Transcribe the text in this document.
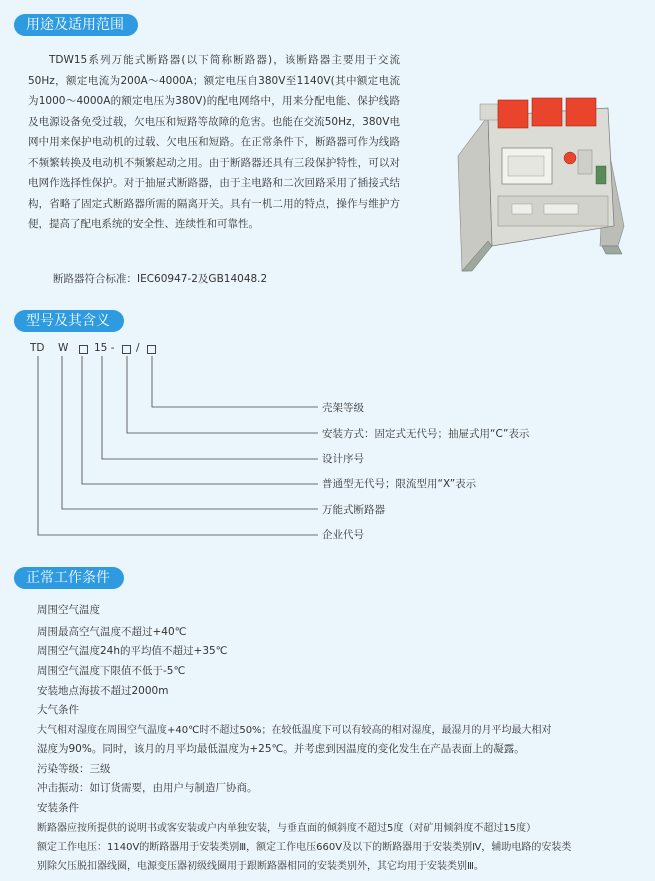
用途及适用范围
TDW15系列万能式断路器(以下简称断路器)，该断路器主要用于交流50Hz，额定电流为200A～4000A；额定电压自380V至1140V(其中额定电流为1000～4000A的额定电压为380V)的配电网络中，用来分配电能、保护线路及电源设备免受过载，欠电压和短路等故障的危害。也能在交流50Hz，380V电网中用来保护电动机的过载、欠电压和短路。在正常条件下，断路器可作为线路不频繁转换及电动机不频繁起动之用。由于断路器还具有三段保护特性，可以对电网作选择性保护。对于抽屉式断路器，由于主电路和二次回路采用了插接式结构，省略了固定式断路器所需的隔离开关。具有一机二用的特点，操作与维护方便，提高了配电系统的安全性、连续性和可靠性。
断路器符合标准：IEC60947-2及GB14048.2
型号及其含义
TD W 15 - /
壳架等级
安装方式：固定式无代号；抽屉式用“C”表示
设计序号
普通型无代号；限流型用“X”表示
万能式断路器
企业代号
正常工作条件
周围空气温度
周围最高空气温度不超过+40℃
周围空气温度24h的平均值不超过+35℃
周围空气温度下限值不低于-5℃
安装地点海拔不超过2000m
大气条件
大气相对湿度在周围空气温度+40℃时不超过50%；在较低温度下可以有较高的相对湿度，最湿月的月平均最大相对
湿度为90%。同时，该月的月平均最低温度为+25℃。并考虑到因温度的变化发生在产品表面上的凝露。
污染等级：三级
冲击振动：如订货需要，由用户与制造厂协商。
安装条件
断路器应按所提供的说明书或客安装或户内单独安装，与垂直面的倾斜度不超过5度（对矿用倾斜度不超过15度）
额定工作电压：1140V的断路器用于安装类别Ⅲ，额定工作电压660V及以下的断路器用于安装类别Ⅳ，辅助电路的安装类
别除欠压脱扣器线圈，电源变压器初级线圈用于跟断路器相同的安装类别外，其它均用于安装类别Ⅲ。
